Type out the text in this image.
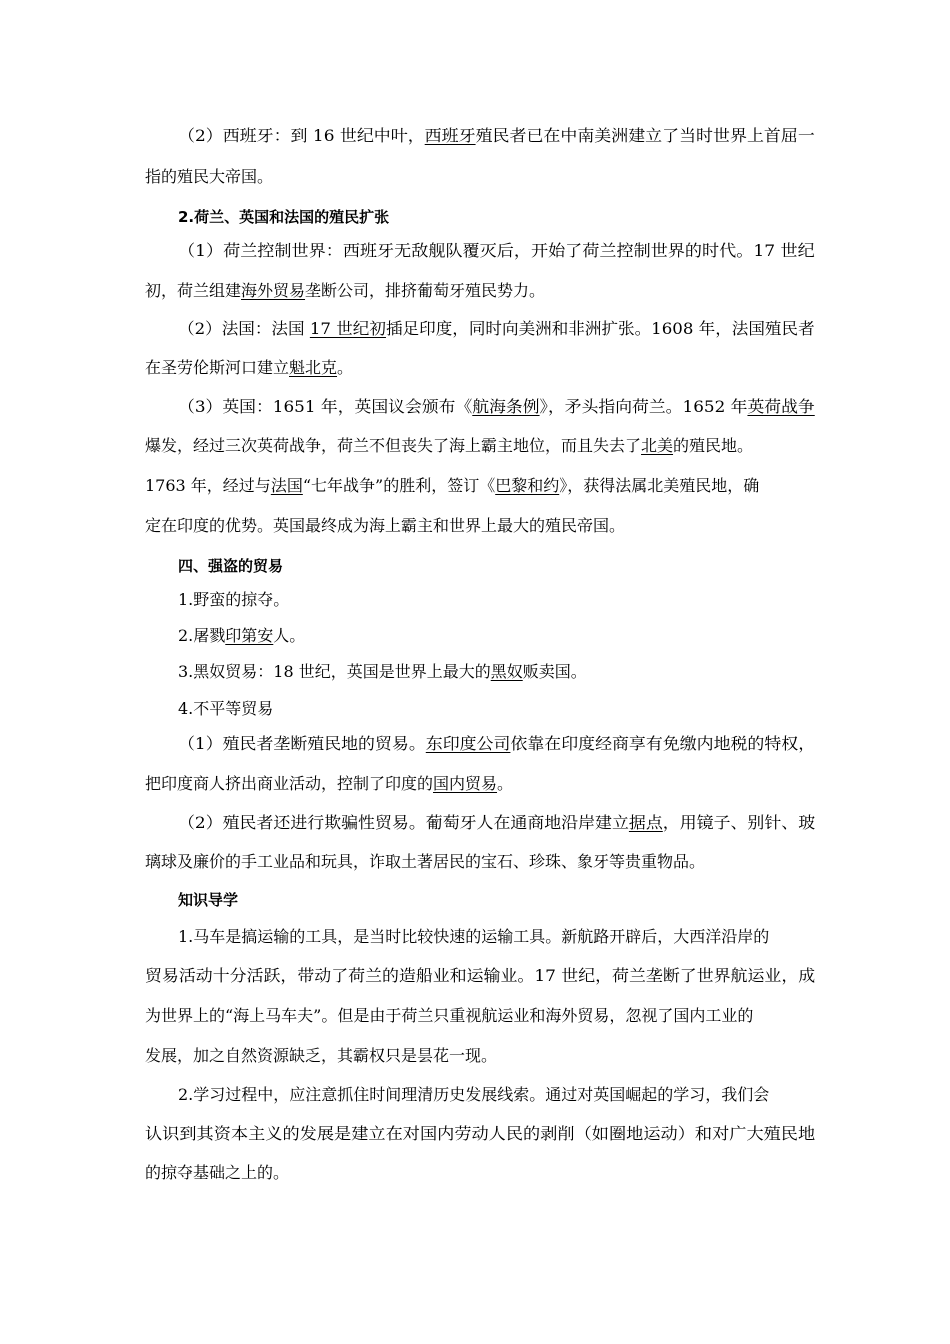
（2）西班牙：到 16 世纪中叶，西班牙殖民者已在中南美洲建立了当时世界上首屈一
指的殖民大帝国。
2.荷兰、英国和法国的殖民扩张
（1）荷兰控制世界：西班牙无敌舰队覆灭后，开始了荷兰控制世界的时代。17 世纪
初，荷兰组建海外贸易垄断公司，排挤葡萄牙殖民势力。
（2）法国：法国 17 世纪初插足印度，同时向美洲和非洲扩张。1608 年，法国殖民者
在圣劳伦斯河口建立魁北克。
（3）英国：1651 年，英国议会颁布《航海条例》，矛头指向荷兰。1652 年英荷战争
爆发，经过三次英荷战争，荷兰不但丧失了海上霸主地位，而且失去了北美的殖民地。
1763 年，经过与法国“七年战争”的胜利，签订《巴黎和约》，获得法属北美殖民地，确
定在印度的优势。英国最终成为海上霸主和世界上最大的殖民帝国。
四、强盗的贸易
1.野蛮的掠夺。
2.屠戮印第安人。
3.黑奴贸易：18 世纪，英国是世界上最大的黑奴贩卖国。
4.不平等贸易
（1）殖民者垄断殖民地的贸易。东印度公司依靠在印度经商享有免缴内地税的特权，
把印度商人挤出商业活动，控制了印度的国内贸易。
（2）殖民者还进行欺骗性贸易。葡萄牙人在通商地沿岸建立据点，用镜子、别针、玻
璃球及廉价的手工业品和玩具，诈取土著居民的宝石、珍珠、象牙等贵重物品。
知识导学
1.马车是搞运输的工具，是当时比较快速的运输工具。新航路开辟后，大西洋沿岸的
贸易活动十分活跃，带动了荷兰的造船业和运输业。17 世纪，荷兰垄断了世界航运业，成
为世界上的“海上马车夫”。但是由于荷兰只重视航运业和海外贸易，忽视了国内工业的
发展，加之自然资源缺乏，其霸权只是昙花一现。
2.学习过程中，应注意抓住时间理清历史发展线索。通过对英国崛起的学习，我们会
认识到其资本主义的发展是建立在对国内劳动人民的剥削（如圈地运动）和对广大殖民地
的掠夺基础之上的。
